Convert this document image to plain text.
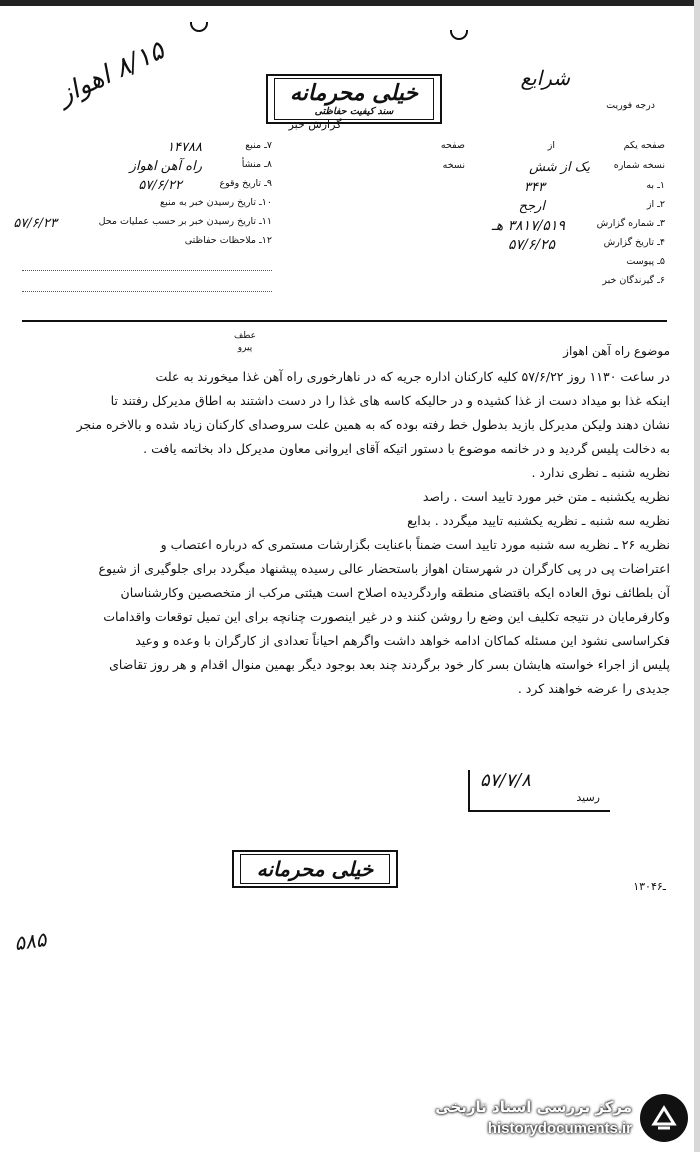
۸/۱۵ اهواز
خیلی محرمانه
سند کیفیت حفاظتی
گزارش خبر
شرایع
درجه فوریت
صفحه یکم
از
صفحه
نسخه شماره
یک از شش
نسخه
۱ـ به
۳۴۳
۲ـ از
ارجح
۳ـ شماره گزارش
۳۸۱۷/۵۱۹ هـ
۴ـ تاریخ گزارش
۵۷/۶/۲۵
۵ـ پیوست
۶ـ گیرندگان خبر
۷ـ منبع
۱۴۷۸۸
۸ـ منشأ
راه آهن اهواز
۹ـ تاریخ وقوع
۵۷/۶/۲۲
۱۰ـ تاریخ رسیدن خبر به منبع
۱۱ـ تاریخ رسیدن خبر بر حسب عملیات محل
۵۷/۶/۲۳
۱۲ـ ملاحظات حفاظتی
عطف
پیرو	موضوع راه آهن اهواز
در ساعت ۱۱۳۰ روز ۵۷/۶/۲۲ کلیه کارکنان اداره جریه که در ناهارخوری راه آهن غذا میخورند به علت
اینکه غذا بو میداد دست از غذا کشیده و در حالیکه کاسه های غذا را در دست داشتند به اطاق مدیرکل رفتند تا
نشان دهند ولیکن مدیرکل بازید بدطول خط رفته بوده که به همین علت سروصدای کارکنان زیاد شده و بالاخره منجر
به دخالت پلیس گردید و در خانمه موضوع با دستور اتیکه آقای ایروانی معاون مدیرکل داد بخاتمه یافت .
نظریه شنبه ـ نظری ندارد .
نظریه یکشنبه ـ متن خبر مورد تایید است . راصد
نظریه سه شنبه ـ نظریه یکشنبه تایید میگردد . بدایع
نظریه ۲۶ ـ نظریه سه شنبه مورد تایید است ضمناً باعنایت بگزارشات مستمری که درباره اعتصاب و
اعتراضات پی در پی کارگران در شهرستان اهواز باستحضار عالی رسیده پیشنهاد میگردد برای جلوگیری از شیوع
آن بلطائف نوق العاده ایکه باقتضای منطقه واردگردیده اصلاح است هیئتی مرکب از متخصصین وکارشناسان
وکارفرمایان در نتیجه تکلیف این وضع را روشن کنند و در غیر اینصورت چنانچه برای این تمیل توقعات واقدامات
فکراساسی نشود این مسئله کماکان ادامه خواهد داشت واگرهم احیاناً تعدادی از کارگران با وعده و وعید
پلیس از اجراء خواسته هایشان بسر کار خود برگردند چند بعد بوجود دیگر بهمین منوال اقدام و هر روز تقاضای
جدیدی را عرضه خواهند کرد .
۵۷/۷/۸
رسید
خیلی محرمانه
۱۳۰ـ۴۶
۵۸۵
مرکز بررسی اسناد تاریخی
historydocuments.ir
